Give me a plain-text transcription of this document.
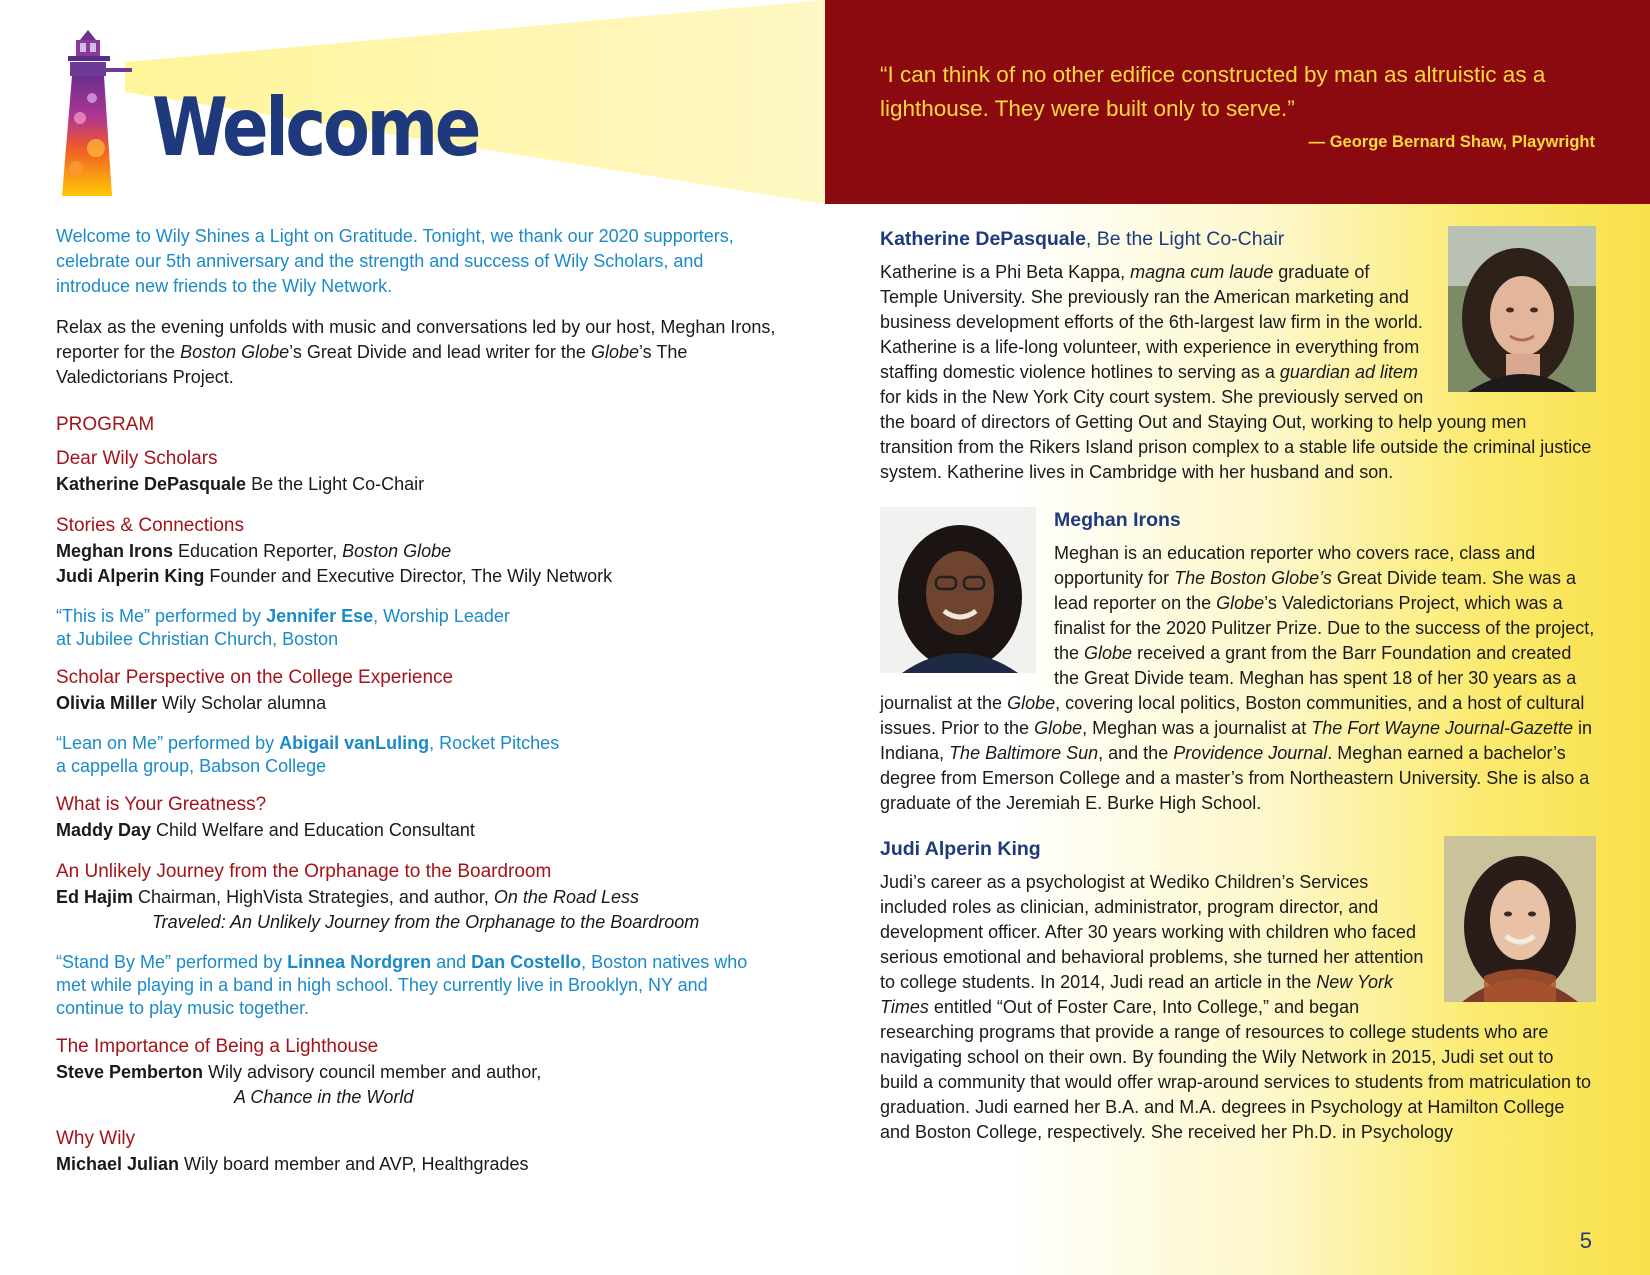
Welcome

“I can think of no other edifice constructed by man as altruistic as a lighthouse. They were built only to serve.”

— George Bernard Shaw, Playwright

Welcome to Wily Shines a Light on Gratitude. Tonight, we thank our 2020 supporters, celebrate our 5th anniversary and the strength and success of Wily Scholars, and introduce new friends to the Wily Network.

Relax as the evening unfolds with music and conversations led by our host, Meghan Irons, reporter for the Boston Globe’s Great Divide and lead writer for the Globe’s The Valedictorians Project.

PROGRAM

Dear Wily Scholars

Katherine DePasquale Be the Light Co-Chair

Stories & Connections

Meghan Irons Education Reporter, Boston Globe

Judi Alperin King Founder and Executive Director, The Wily Network

“This is Me” performed by Jennifer Ese, Worship Leader

at Jubilee Christian Church, Boston

Scholar Perspective on the College Experience

Olivia Miller Wily Scholar alumna

“Lean on Me” performed by Abigail vanLuling, Rocket Pitches

a cappella group, Babson College

What is Your Greatness?

Maddy Day Child Welfare and Education Consultant

An Unlikely Journey from the Orphanage to the Boardroom

Ed Hajim Chairman, HighVista Strategies, and author, On the Road Less

Traveled: An Unlikely Journey from the Orphanage to the Boardroom

“Stand By Me” performed by Linnea Nordgren and Dan Costello, Boston natives who met while playing in a band in high school. They currently live in Brooklyn, NY and continue to play music together.

The Importance of Being a Lighthouse

Steve Pemberton Wily advisory council member and author,

A Chance in the World

Why Wily

Michael Julian Wily board member and AVP, Healthgrades

Katherine DePasquale, Be the Light Co-Chair

Katherine is a Phi Beta Kappa, magna cum laude graduate of Temple University. She previously ran the American marketing and business development efforts of the 6th-largest law firm in the world. Katherine is a life-long volunteer, with experience in everything from staffing domestic violence hotlines to serving as a guardian ad litem for kids in the New York City court system. She previously served on the board of directors of Getting Out and Staying Out, working to help young men transition from the Rikers Island prison complex to a stable life outside the criminal justice system. Katherine lives in Cambridge with her husband and son.

Meghan Irons

Meghan is an education reporter who covers race, class and opportunity for The Boston Globe’s Great Divide team. She was a lead reporter on the Globe’s Valedictorians Project, which was a finalist for the 2020 Pulitzer Prize. Due to the success of the project, the Globe received a grant from the Barr Foundation and created the Great Divide team. Meghan has spent 18 of her 30 years as a journalist at the Globe, covering local politics, Boston communities, and a host of cultural issues. Prior to the Globe, Meghan was a journalist at The Fort Wayne Journal-Gazette in Indiana, The Baltimore Sun, and the Providence Journal. Meghan earned a bachelor’s degree from Emerson College and a master’s from Northeastern University. She is also a graduate of the Jeremiah E. Burke High School.

Judi Alperin King

Judi’s career as a psychologist at Wediko Children’s Services included roles as clinician, administrator, program director, and development officer. After 30 years working with children who faced serious emotional and behavioral problems, she turned her attention to college students. In 2014, Judi read an article in the New York Times entitled “Out of Foster Care, Into College,” and began researching programs that provide a range of resources to college students who are navigating school on their own. By founding the Wily Network in 2015, Judi set out to build a community that would offer wrap-around services to students from matriculation to graduation. Judi earned her B.A. and M.A. degrees in Psychology at Hamilton College and Boston College, respectively. She received her Ph.D. in Psychology

5
